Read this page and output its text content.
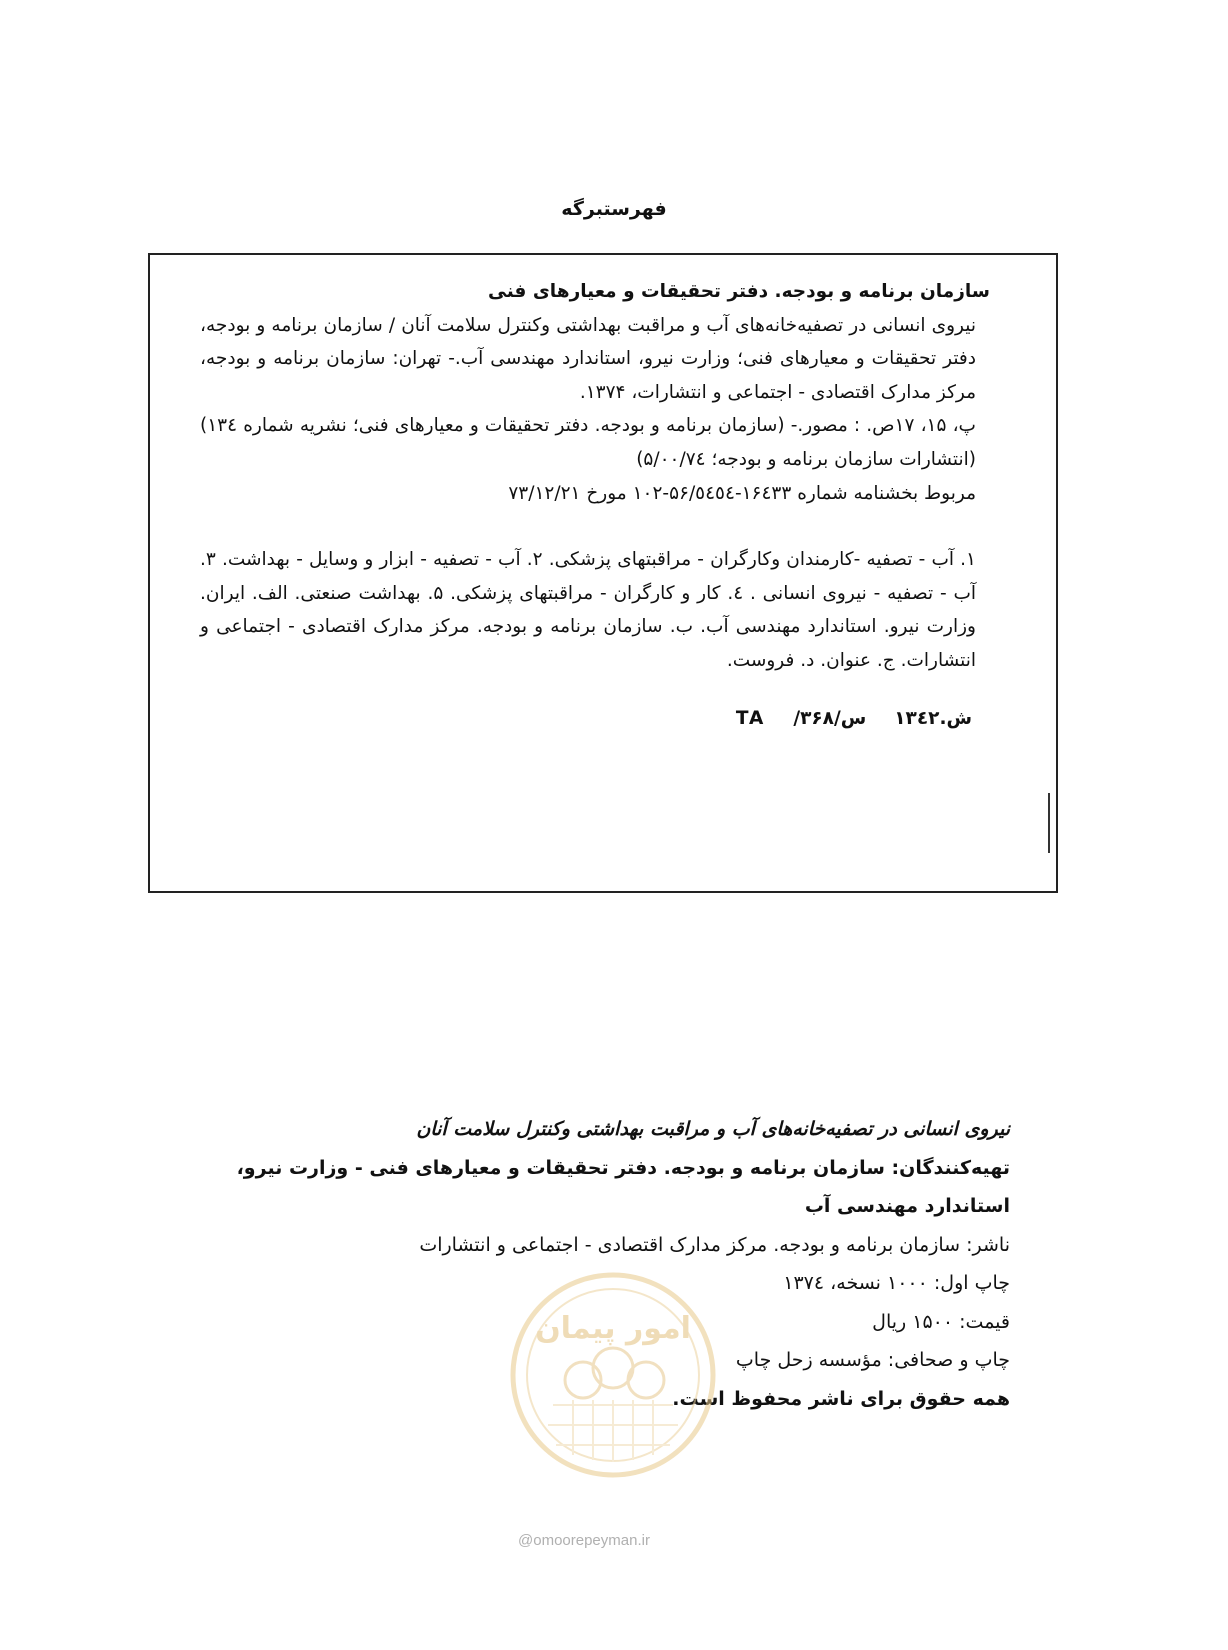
فهرستبرگه

سازمان برنامه و بودجه. دفتر تحقیقات و معیارهای فنی

نیروی انسانی در تصفیه‌خانه‌های آب و مراقبت بهداشتی وکنترل سلامت آنان / سازمان برنامه و بودجه، دفتر تحقیقات و معیارهای فنی؛ وزارت نیرو، استاندارد مهندسی آب.- تهران: سازمان برنامه و بودجه، مرکز مدارک اقتصادی - اجتماعی و انتشارات، ۱۳۷۴.

پ، ۱۵، ۱۷ص. : مصور.- (سازمان برنامه و بودجه. دفتر تحقیقات و معیارهای فنی؛ نشریه شماره ۱۳٤) (انتشارات سازمان برنامه و بودجه؛ ۵/۰۰/٧٤)

مربوط بخشنامه شماره ۱۶٤۳۳-۵۶/٥٤٥٤-۱۰۲ مورخ ۷۳/۱۲/۲۱

۱. آب - تصفیه -کارمندان وکارگران - مراقبتهای پزشکی. ۲. آب - تصفیه - ابزار و وسایل - بهداشت. ۳. آب - تصفیه - نیروی انسانی . ٤. کار و کارگران - مراقبتهای پزشکی. ۵. بهداشت صنعتی. الف. ایران. وزارت نیرو. استاندارد مهندسی آب. ب. سازمان برنامه و بودجه. مرکز مدارک اقتصادی - اجتماعی و انتشارات. ج. عنوان. د. فروست.

ش.۱۳٤۲س/۳۶۸/TA

نیروی انسانی در تصفیه‌خانه‌های آب و مراقبت بهداشتی وکنترل سلامت آنان

تهیه‌کنندگان: سازمان برنامه و بودجه. دفتر تحقیقات و معیارهای فنی - وزارت نیرو، استاندارد مهندسی آب

ناشر: سازمان برنامه و بودجه. مرکز مدارک اقتصادی - اجتماعی و انتشارات

چاپ اول: ۱۰۰۰ نسخه، ۱۳۷٤

قیمت: ۱۵۰۰ ریال

چاپ و صحافی: مؤسسه زحل چاپ

همه حقوق برای ناشر محفوظ است.

امور پیمان
@omoorepeyman.ir
